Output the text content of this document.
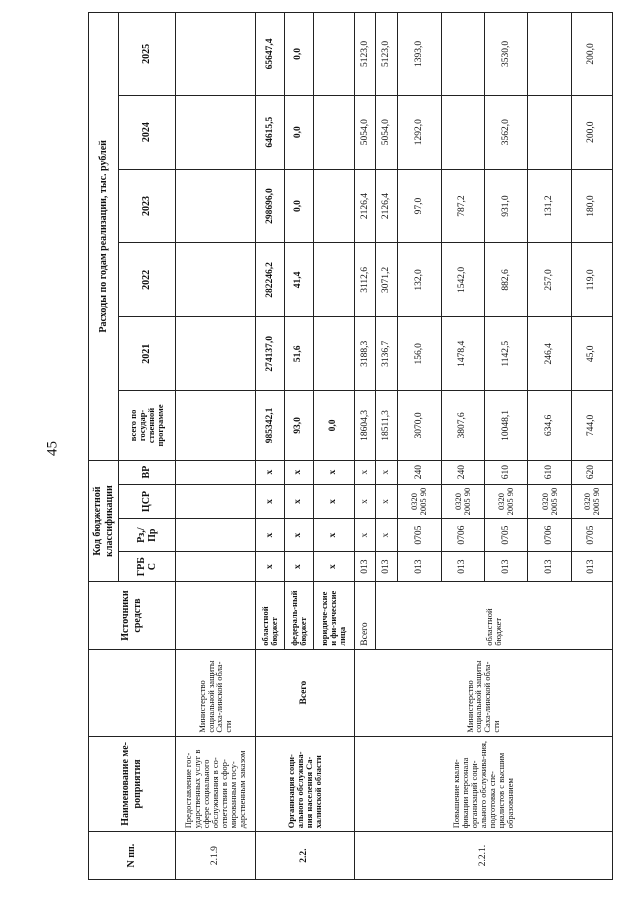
45
N пп.	Наименование ме-роприятия		Источники средств	Код бюджетной классификации				Расходы по годам реализации, тыс. рублей					
				ГРБ С	Рз,/ Пр	ЦСР	ВР	всего по государ-ственной программе	2021	2022	2023	2024	2025
2.1.9	Предоставление гос-ударственных услуг в сфере социального обслуживания в со-ответствии в сфор-мированным госу-дарственным заказом	Министерство социальной защиты Саха-линской обла-сти											
2.2.	Организация соци-ального обслужива-ния населения Са-халинской области	Всего	областной бюджет	x	x	x	x	985342,1	274137,0	282246,2	298696,0	64615,5	65647,4
			федераль-ный бюджет	x	x	x	x	93,0	51,6	41,4	0,0	0,0	0,0
			юридиче-ские и фи-зические лица	x	x	x	x	0,0					
2.2.1.	Повышение квали-фикации персонала организаций соци-ального обслужива-ния, подготовка спе-циалистов с высшим образованием	Министерство социальной защиты Саха-линской обла-сти	Всего	013	x	x	x	18604,3	3188,3	3112,6	2126,4	5054,0	5123,0
			областной бюджет	013	x	x	x	18511,3	3136,7	3071,2	2126,4	5054,0	5123,0
				013	0705	0320 2005 90	240	3070,0	156,0	132,0	97,0	1292,0	1393,0
				013	0706	0320 2005 90	240	3807,6	1478,4	1542,0	787,2		
				013	0705	0320 2005 90	610	10048,1	1142,5	882,6	931,0	3562,0	3530,0
				013	0706	0320 2005 90	610	634,6	246,4	257,0	131,2		
				013	0705	0320 2005 90	620	744,0	45,0	119,0	180,0	200,0	200,0
